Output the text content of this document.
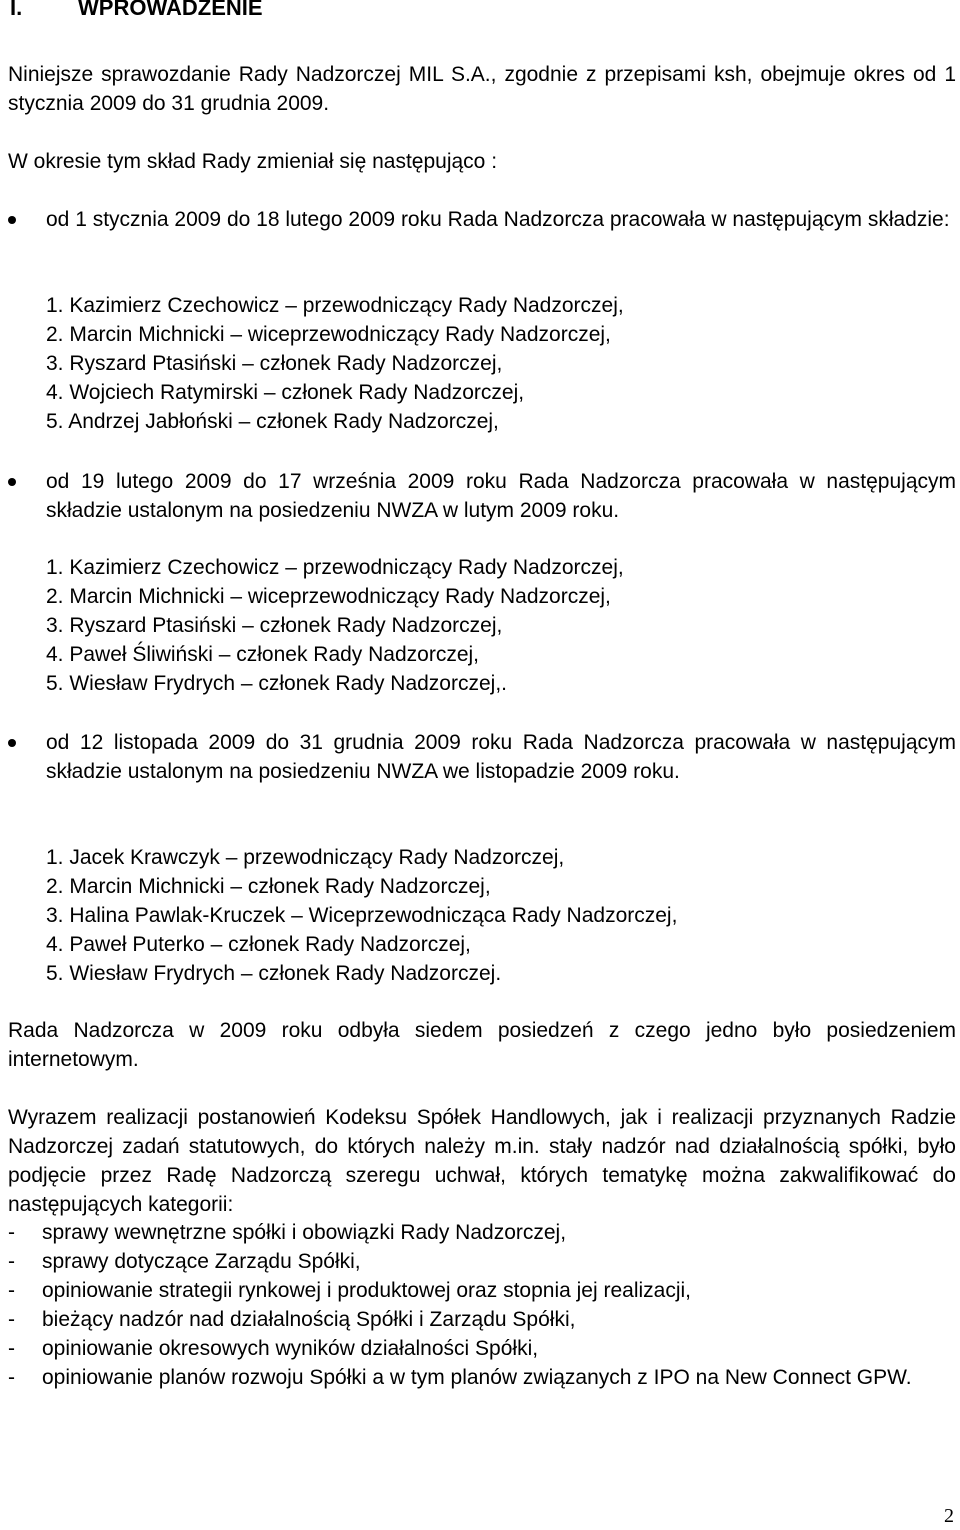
I.	WPROWADZENIE

Niniejsze sprawozdanie Rady Nadzorczej MIL S.A., zgodnie z przepisami ksh, obejmuje okres od 1 stycznia 2009 do 31 grudnia 2009.

W okresie tym skład Rady zmieniał się następująco :

od 1 stycznia 2009 do 18 lutego 2009 roku Rada Nadzorcza pracowała w następującym składzie:

1. Kazimierz Czechowicz – przewodniczący Rady Nadzorczej,
2. Marcin Michnicki – wiceprzewodniczący Rady Nadzorczej,
3. Ryszard Ptasiński – członek Rady Nadzorczej,
4. Wojciech Ratymirski – członek Rady Nadzorczej,
5. Andrzej Jabłoński – członek Rady Nadzorczej,

od 19 lutego 2009 do 17 września 2009 roku Rada Nadzorcza pracowała w następującym składzie ustalonym na posiedzeniu NWZA w lutym 2009 roku.

1. Kazimierz Czechowicz – przewodniczący Rady Nadzorczej,
2. Marcin Michnicki – wiceprzewodniczący Rady Nadzorczej,
3. Ryszard Ptasiński – członek Rady Nadzorczej,
4. Paweł Śliwiński – członek Rady Nadzorczej,
5. Wiesław Frydrych – członek Rady Nadzorczej,.

od 12 listopada 2009 do 31 grudnia 2009 roku Rada Nadzorcza pracowała w następującym składzie ustalonym na posiedzeniu NWZA we listopadzie 2009 roku.

1. Jacek Krawczyk – przewodniczący Rady Nadzorczej,
2. Marcin Michnicki – członek Rady Nadzorczej,
3. Halina Pawlak-Kruczek – Wiceprzewodnicząca Rady Nadzorczej,
4. Paweł Puterko – członek Rady Nadzorczej,
5. Wiesław Frydrych – członek Rady Nadzorczej.

Rada Nadzorcza w 2009 roku odbyła siedem posiedzeń z czego jedno było posiedzeniem internetowym.

Wyrazem realizacji postanowień Kodeksu Spółek Handlowych, jak i realizacji przyznanych Radzie Nadzorczej zadań statutowych, do których należy m.in. stały nadzór nad działalnością spółki, było podjęcie przez Radę Nadzorczą szeregu uchwał, których tematykę można zakwalifikować do następujących kategorii:

- sprawy wewnętrzne spółki i obowiązki Rady Nadzorczej,
- sprawy dotyczące Zarządu Spółki,
- opiniowanie strategii rynkowej i produktowej oraz stopnia jej realizacji,
- bieżący nadzór nad działalnością Spółki i Zarządu Spółki,
- opiniowanie okresowych wyników działalności Spółki,
- opiniowanie planów rozwoju Spółki a w tym planów związanych z IPO na New Connect GPW.
2
